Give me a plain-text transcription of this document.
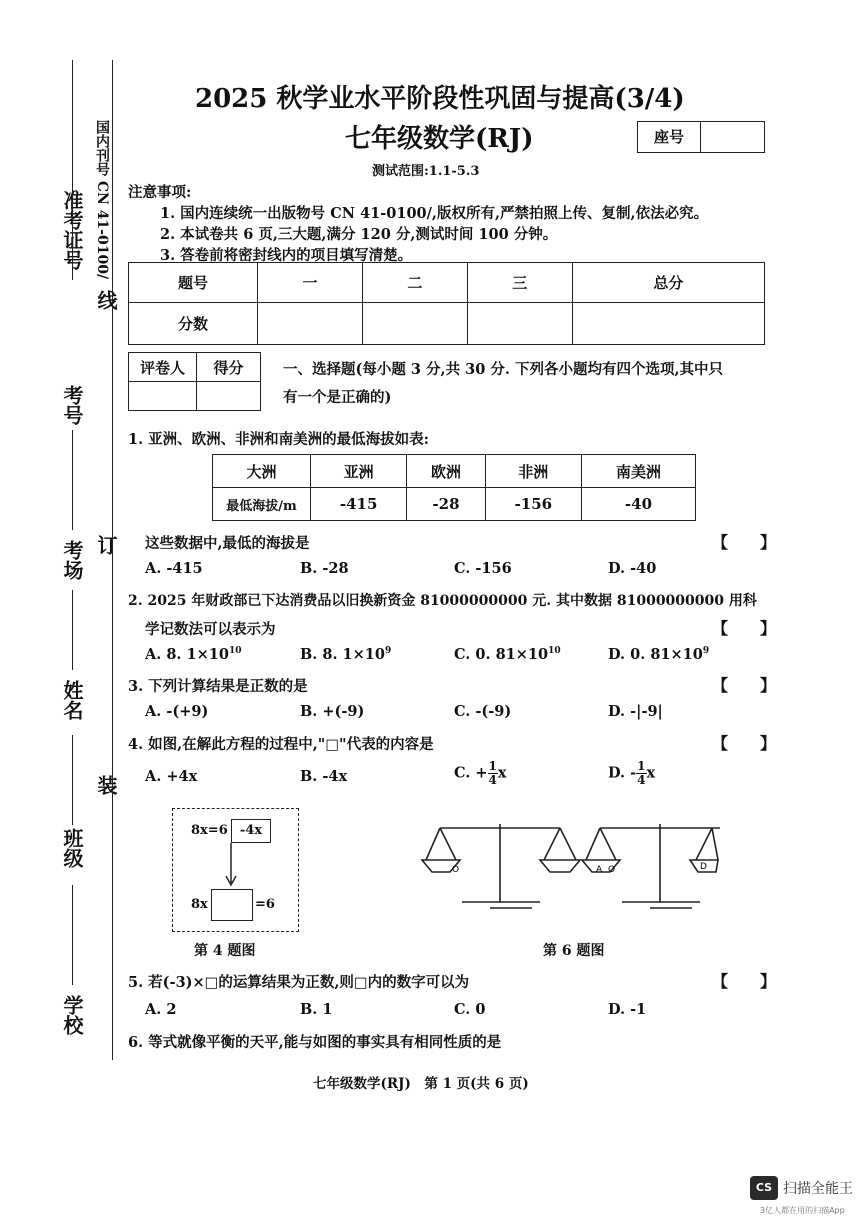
准考证号 国内刊号 CN 41-0100/
线
考号
考场 订
姓名
装
班级
学校
2025 秋学业水平阶段性巩固与提高(3/4)
七年级数学(RJ)	座号
测试范围:1.1-5.3
注意事项:
1. 国内连续统一出版物号 CN 41-0100/,版权所有,严禁拍照上传、复制,依法必究。
2. 本试卷共 6 页,三大题,满分 120 分,测试时间 100 分钟。
3. 答卷前将密封线内的项目填写清楚。
题号	一	二	三	总分
分数				
评卷人	得分
		一、选择题(每小题 3 分,共 30 分. 下列各小题均有四个选项,其中只
有一个是正确的)
1. 亚洲、欧洲、非洲和南美洲的最低海拔如表:
大洲	亚洲	欧洲	非洲	南美洲
最低海拔/m	-415	-28	-156	-40
这些数据中,最低的海拔是	【　　】
A. -415	B. -28	C. -156	D. -40
2. 2025 年财政部已下达消费品以旧换新资金 81000000000 元. 其中数据 81000000000 用科
学记数法可以表示为	【　　】
A. 8. $1\times 10^{10}$	B. 8. $1\times 10^9$	C. 0. $81\times 10^{10}$	D. 0. $81\times 10^9$
3. 下列计算结果是正数的是	【　　】
A. -(+9)	B. +(-9)	C. -(-9)	D. -|-9|
4. 如图,在解此方程的过程中,"□"代表的内容是	【　　】
A. +4x	B. -4x	C. + $\frac{1}{4}$ x	D. - $\frac{1}{4}$ x
8x=6 -4x
8x	=6
第 4 题图
O	A O	D
第 6 题图
5. 若(-3)×□的运算结果为正数,则□内的数字可以为	【　　】
A. 2	B. 1	C. 0	D. -1
6. 等式就像平衡的天平,能与如图的事实具有相同性质的是
七年级数学(RJ)　第 1 页(共 6 页)
CS 扫描全能王
3亿人都在用的扫描App
